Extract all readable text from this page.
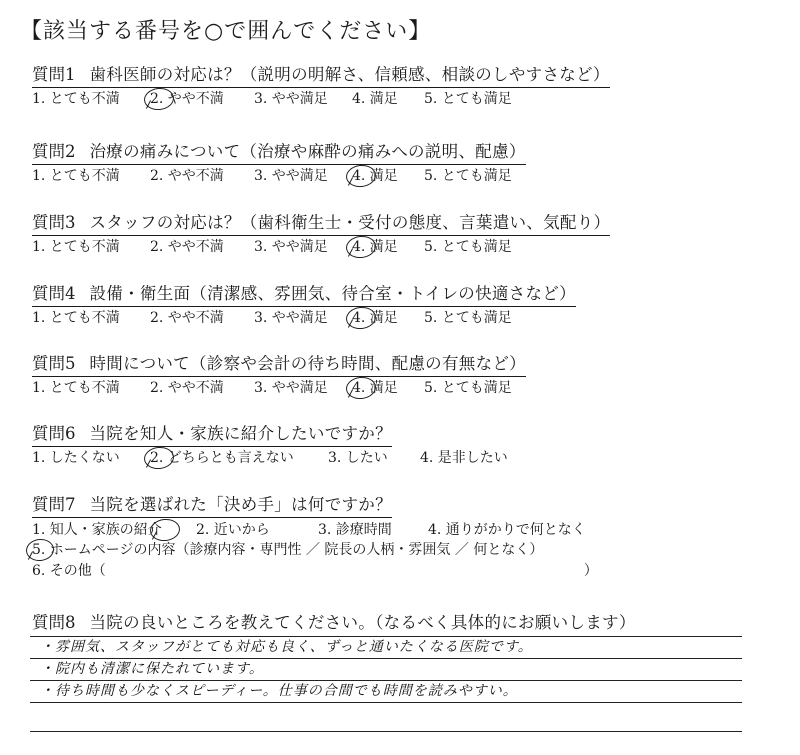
【該当する番号を○で囲んでください】
質問1 歯科医師の対応は？（説明の明解さ、信頼感、相談のしやすさなど）
1. とても不満	2. やや不満	3. やや満足	4. 満足	5. とても満足
質問2 治療の痛みについて（治療や麻酔の痛みへの説明、配慮）
1. とても不満	2. やや不満	3. やや満足	4. 満足	5. とても満足
質問3 スタッフの対応は？（歯科衛生士・受付の態度、言葉遣い、気配り）
1. とても不満	2. やや不満	3. やや満足	4. 満足	5. とても満足
質問4 設備・衛生面（清潔感、雰囲気、待合室・トイレの快適さなど）
1. とても不満	2. やや不満	3. やや満足	4. 満足	5. とても満足
質問5 時間について（診察や会計の待ち時間、配慮の有無など）
1. とても不満	2. やや不満	3. やや満足	4. 満足	5. とても満足
質問6 当院を知人・家族に紹介したいですか？
1. したくない	2. どちらとも言えない	3. したい	4. 是非したい
質問7 当院を選ばれた「決め手」は何ですか？
1. 知人・家族の紹介	2. 近いから	3. 診療時間	4. 通りがかりで何となく
5. ホームページの内容（診療内容・専門性 ／ 院長の人柄・雰囲気 ／ 何となく）
6. その他（	）
質問8 当院の良いところを教えてください。（なるべく具体的にお願いします）
・雰囲気、スタッフがとても対応も良く、ずっと通いたくなる医院です。
・院内も清潔に保たれています。
・待ち時間も少なくスピーディー。仕事の合間でも時間を読みやすい。
